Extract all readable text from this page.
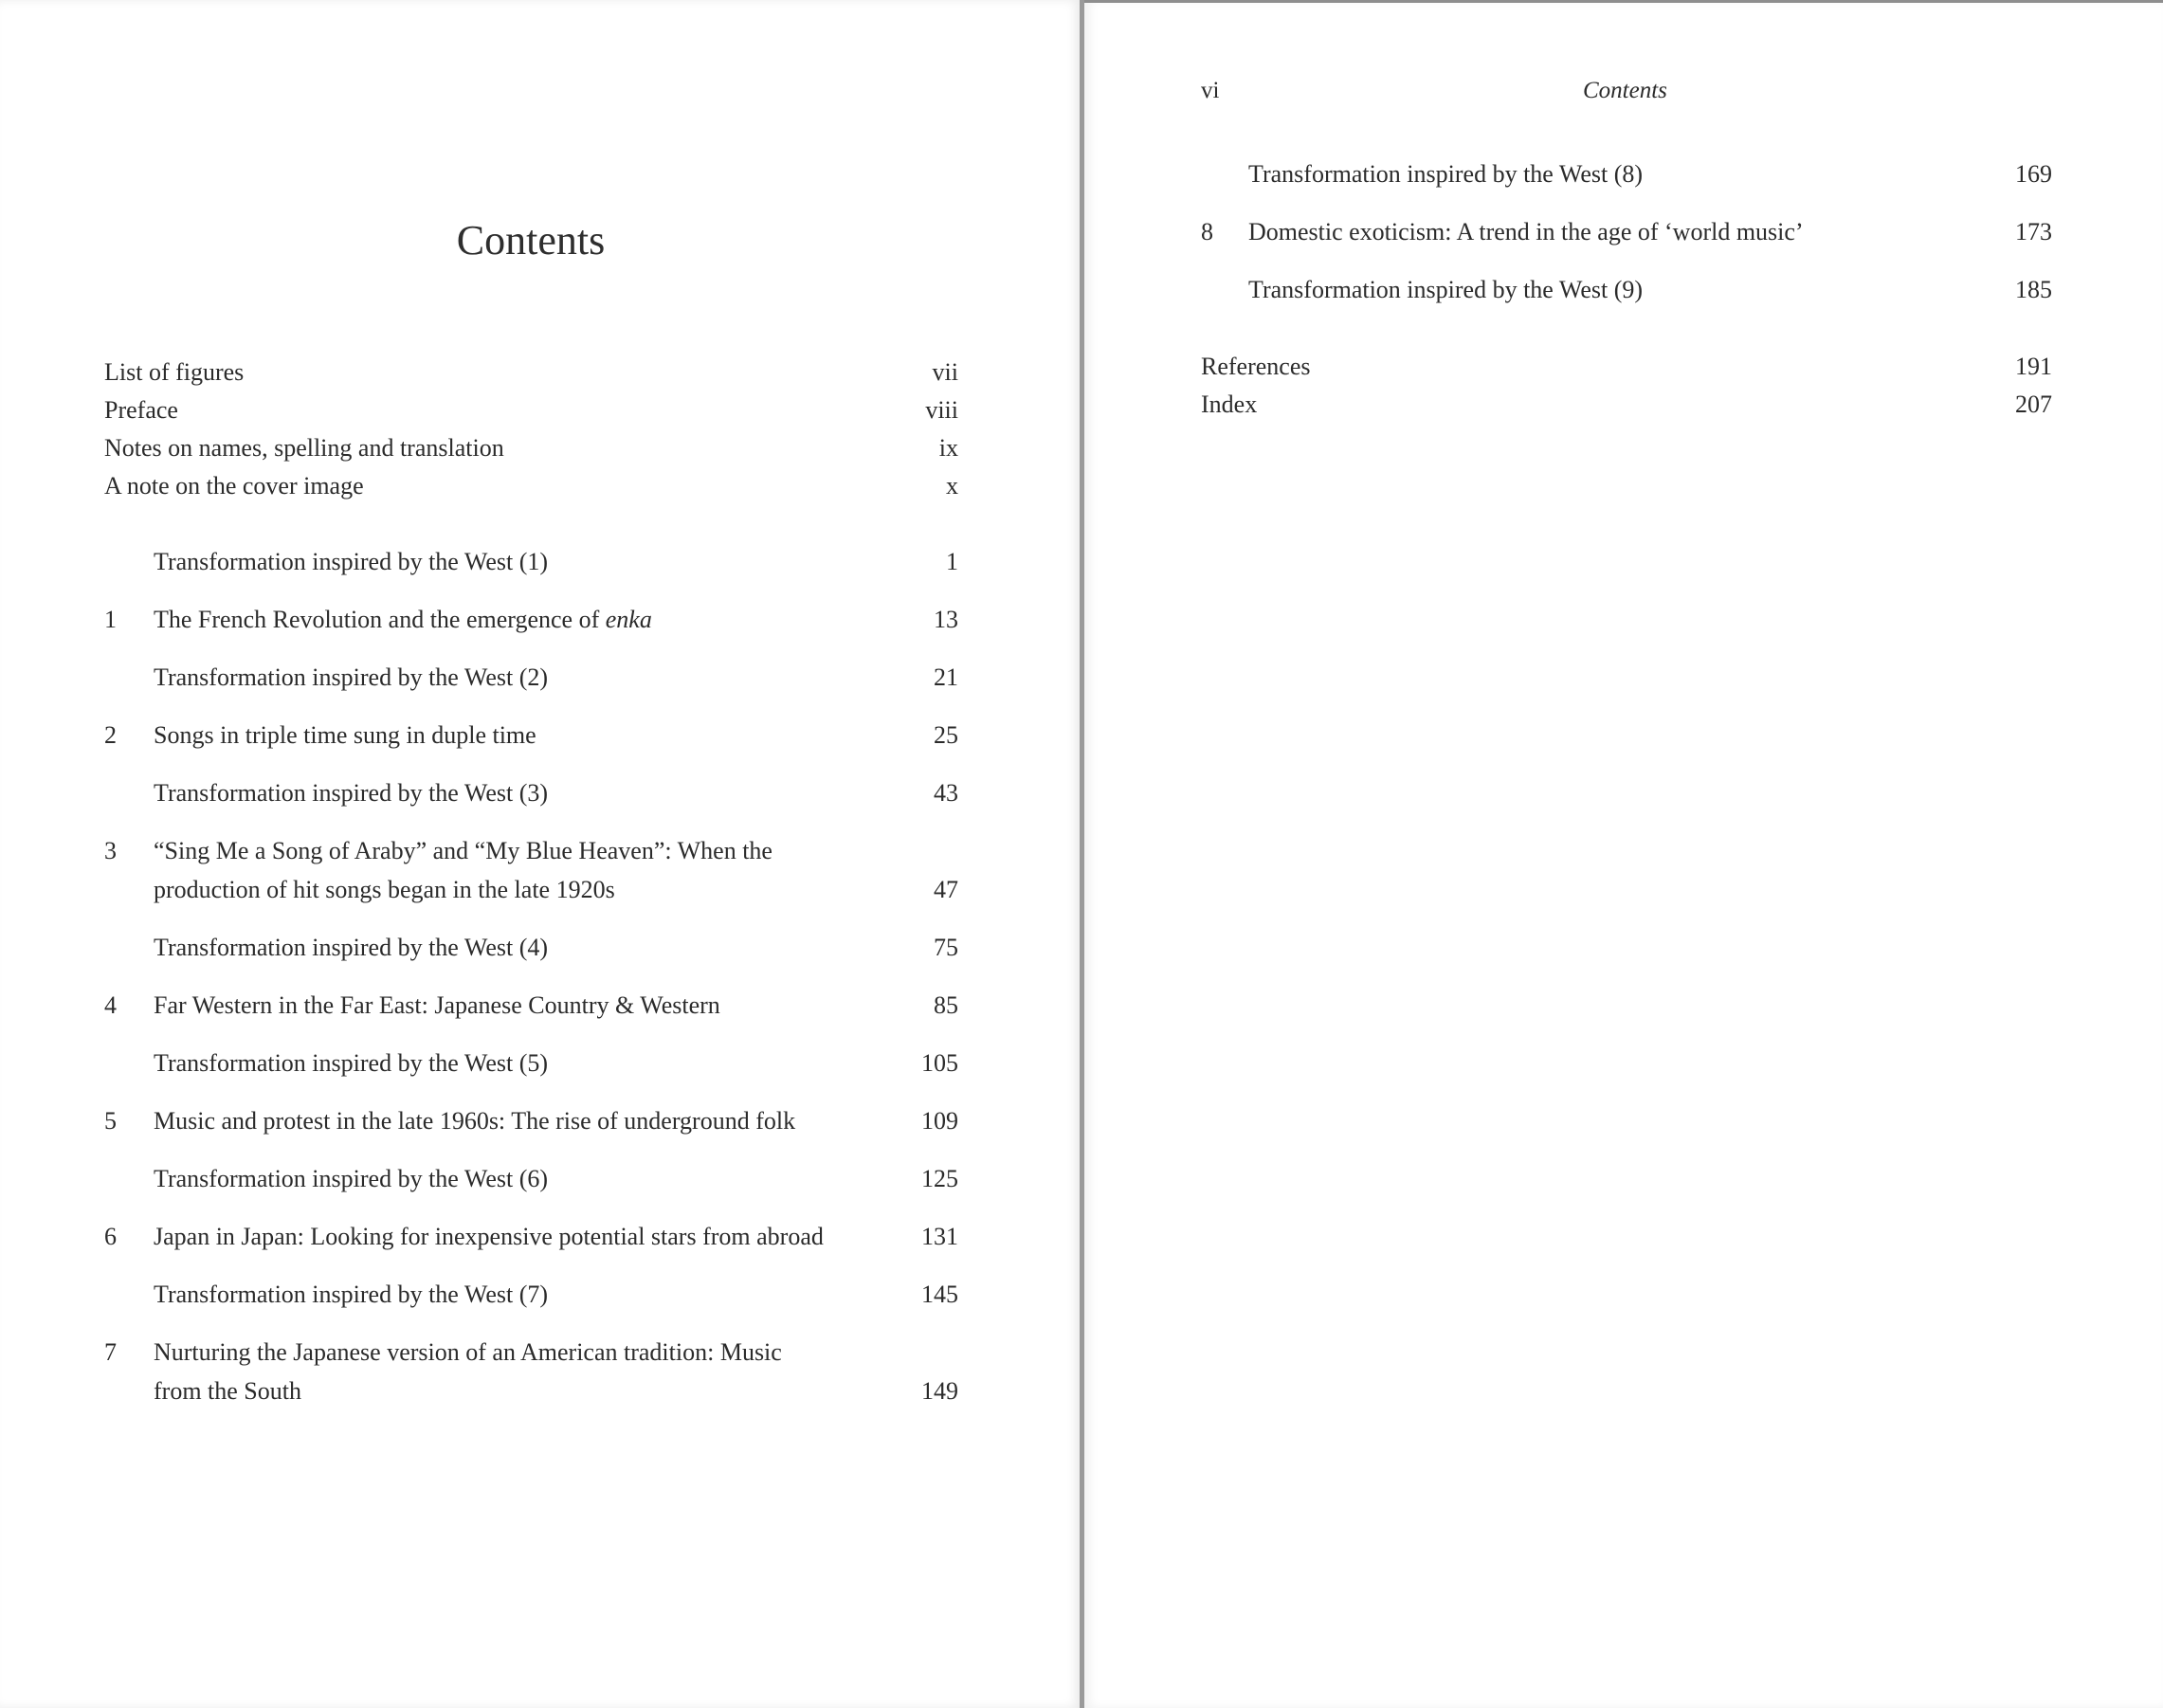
Contents
List of figures	vii
Preface	viii
Notes on names, spelling and translation	ix
A note on the cover image	x
Transformation inspired by the West (1)	1
1 The French Revolution and the emergence of enka	13
Transformation inspired by the West (2)	21
2 Songs in triple time sung in duple time	25
Transformation inspired by the West (3)	43
3 “Sing Me a Song of Araby” and “My Blue Heaven”: When the
production of hit songs began in the late 1920s	47
Transformation inspired by the West (4)	75
4 Far Western in the Far East: Japanese Country & Western	85
Transformation inspired by the West (5)	105
5 Music and protest in the late 1960s: The rise of underground folk	109
Transformation inspired by the West (6)	125
6 Japan in Japan: Looking for inexpensive potential stars from abroad	131
Transformation inspired by the West (7)	145
7 Nurturing the Japanese version of an American tradition: Music
from the South	149
vi	Contents
Transformation inspired by the West (8)	169
8 Domestic exoticism: A trend in the age of ‘world music’	173
Transformation inspired by the West (9)	185
References	191
Index	207
